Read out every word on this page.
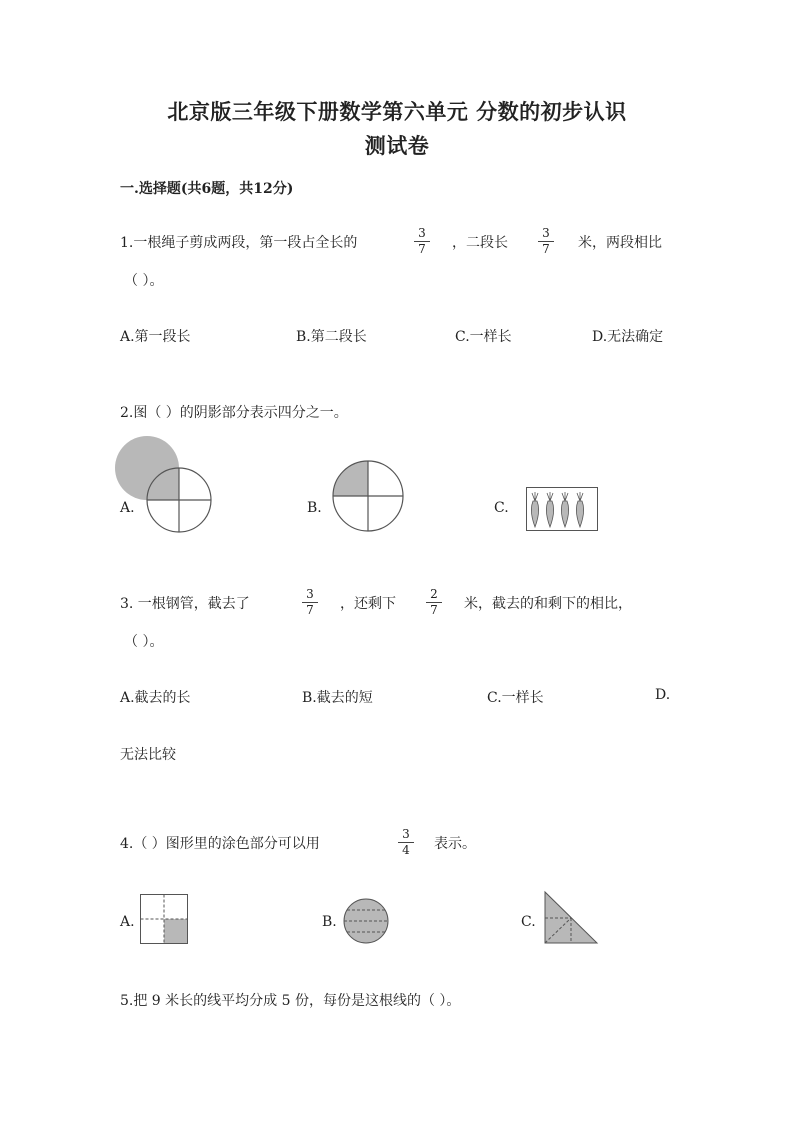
北京版三年级下册数学第六单元 分数的初步认识
测试卷
一.选择题(共6题，共12分)
1.一根绳子剪成两段，第一段占全长的
3
7 ，二段长
3
7 米，两段相比
（ ）。
A.第一段长	B.第二段长	C.一样长	D.无法确定
2.图（ ）的阴影部分表示四分之一。
A.	B.	C.
3. 一根钢管，截去了
3
7 ，还剩下
2
7 米，截去的和剩下的相比，
（ ）。
A.截去的长	B.截去的短	C.一样长	D.
无法比较
4.（ ）图形里的涂色部分可以用
3
4 表示。
A.	B.	C.
5.把 9 米长的线平均分成 5 份，每份是这根线的（ ）。
